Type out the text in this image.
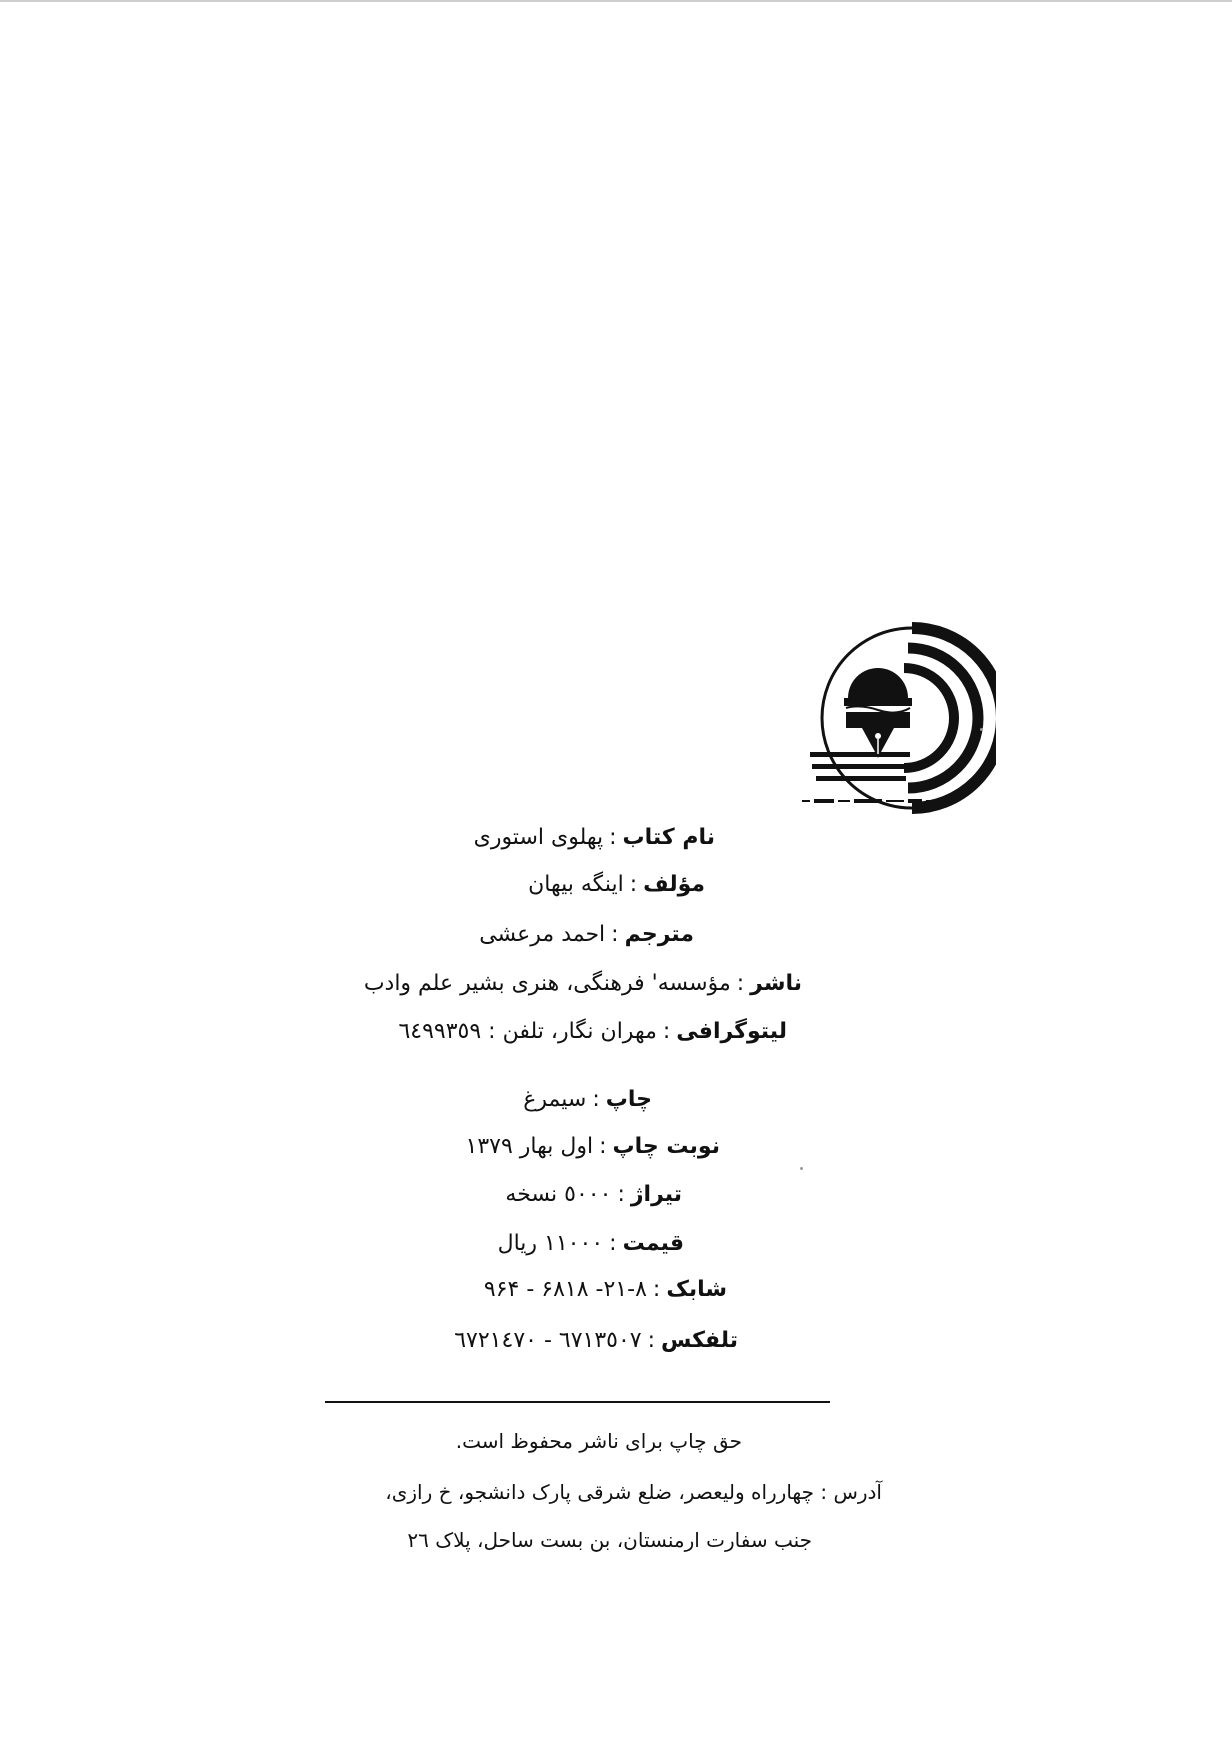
نام کتاب:پهلوی استوری
مؤلف:اینگه بیهان
مترجم:احمد مرعشی
ناشر:مؤسسه' فرهنگی، هنری بشیر علم وادب
لیتوگرافی:مهران نگار، تلفن : ٦٤٩٩٣٥٩
چاپ:سیمرغ
نوبت چاپ:اول بهار ١٣٧٩
تیراژ:٥٠٠٠ نسخه
قیمت:١١٠٠٠ ریال
شابک:٨-٢١- ۶٨١٨ - ۹۶۴
تلفکس:٦٧١٣٥٠٧ - ٦٧٢١٤٧٠
حق چاپ برای ناشر محفوظ است.
آدرس : چهارراه ولیعصر، ضلع شرقی پارک دانشجو، خ رازی،
جنب سفارت ارمنستان، بن بست ساحل، پلاک ٢٦
